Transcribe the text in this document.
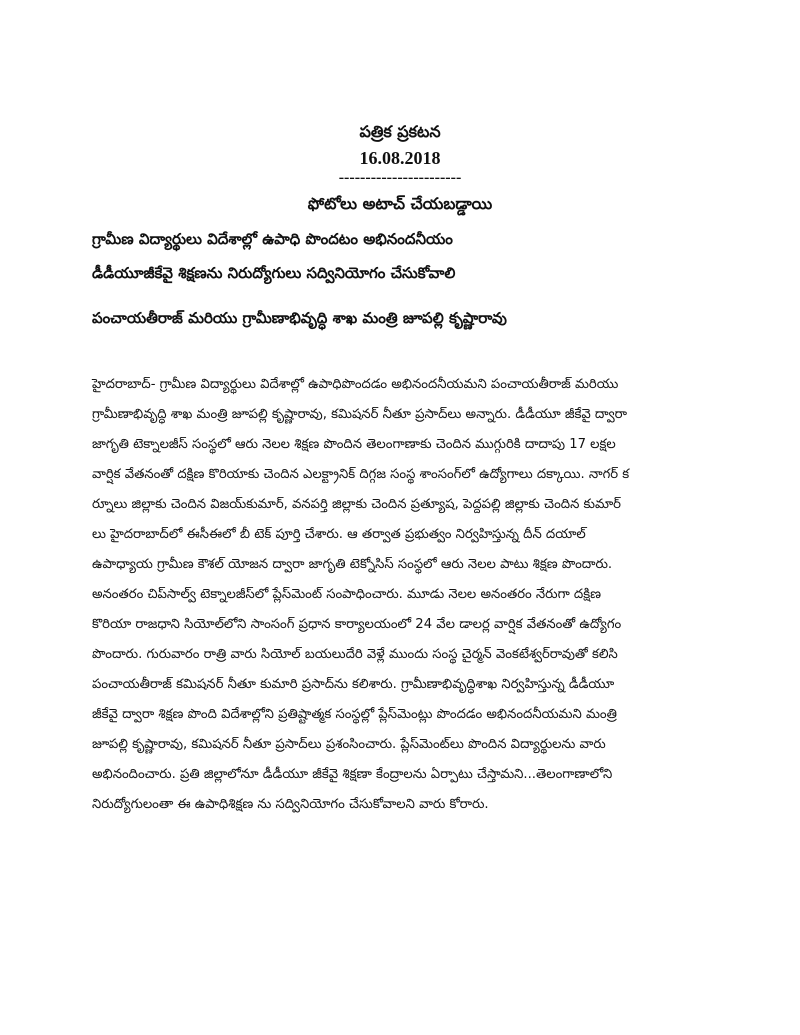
పత్రిక ప్రకటన
16.08.2018
-----------------------
ఫోటోలు అటాచ్ చేయబడ్డాయి
గ్రామీణ విద్యార్థులు విదేశాల్లో ఉపాధి పొందటం అభినందనీయం
డీడీయూజీకేవై శిక్షణను నిరుద్యోగులు సద్వినియోగం చేసుకోవాలి
పంచాయతీరాజ్ మరియు గ్రామీణాభివృద్ధి శాఖ మంత్రి జూపల్లి కృష్ణారావు
హైదరాబాద్- గ్రామీణ విద్యార్థులు విదేశాల్లో ఉపాధిపొందడం అభినందనీయమని పంచాయతీరాజ్ మరియు
గ్రామీణాభివృద్ధి శాఖ మంత్రి జూపల్లి కృష్ణారావు, కమిషనర్ నీతూ ప్రసాద్‌లు అన్నారు. డీడీయూ జీకేవై ద్వారా
జాగృతి టెక్నాలజీస్ సంస్థలో ఆరు నెలల శిక్షణ పొందిన తెలంగాణాకు చెందిన ముగ్గురికి దాదాపు 17 లక్షల
వార్షిక వేతనంతో దక్షిణ కొరియాకు చెందిన ఎలక్ట్రానిక్ దిగ్గజ సంస్థ శాంసంగ్‌లో ఉద్యోగాలు దక్కాయి. నాగర్ క
ర్నూలు జిల్లాకు చెందిన విజయ్‌కుమార్, వనపర్తి జిల్లాకు చెందిన ప్రత్యూష, పెద్దపల్లి జిల్లాకు చెందిన కుమార్
లు హైదరాబాద్‌లో ఈసీఈలో బీ టెక్ పూర్తి చేశారు. ఆ తర్వాత ప్రభుత్వం నిర్వహిస్తున్న దీన్ దయాల్
ఉపాధ్యాయ గ్రామీణ కౌశల్ యోజన ద్వారా జాగృతి టెక్నోసిస్ సంస్థలో ఆరు నెలల పాటు శిక్షణ పొందారు.
అనంతరం చిప్‌సాల్వ్ టెక్నాలజీస్‌లో ప్లేస్‌మెంట్ సంపాధించారు. మూడు నెలల అనంతరం నేరుగా దక్షిణ
కొరియా రాజధాని సియోల్‌లోని సాంసంగ్ ప్రధాన కార్యాలయంలో 24 వేల డాలర్ల వార్షిక వేతనంతో ఉద్యోగం
పొందారు. గురువారం రాత్రి వారు సియోల్ బయలుదేరి వెళ్లే ముందు సంస్థ చైర్మన్ వెంకటేశ్వర్‌రావుతో కలిసి
పంచాయతీరాజ్ కమిషనర్ నీతూ కుమారి ప్రసాద్‌ను కలిశారు. గ్రామీణాభివృద్ధిశాఖ నిర్వహిస్తున్న డీడీయూ
జీకేవై ద్వారా శిక్షణ పొంది విదేశాల్లోని ప్రతిష్టాత్మక సంస్థల్లో ప్లేస్‌మెంట్లు పొందడం అభినందనీయమని మంత్రి
జూపల్లి కృష్ణారావు, కమిషనర్ నీతూ ప్రసాద్‌లు ప్రశంసించారు. ప్లేస్‌మెంట్‌లు పొందిన విద్యార్థులను వారు
అభినందించారు. ప్రతి జిల్లాలోనూ డీడీయూ జీకేవై శిక్షణా కేంద్రాలను ఏర్పాటు చేస్తామని...తెలంగాణాలోని
నిరుద్యోగులంతా ఈ ఉపాధిశిక్షణ ను సద్వినియోగం చేసుకోవాలని వారు కోరారు.
